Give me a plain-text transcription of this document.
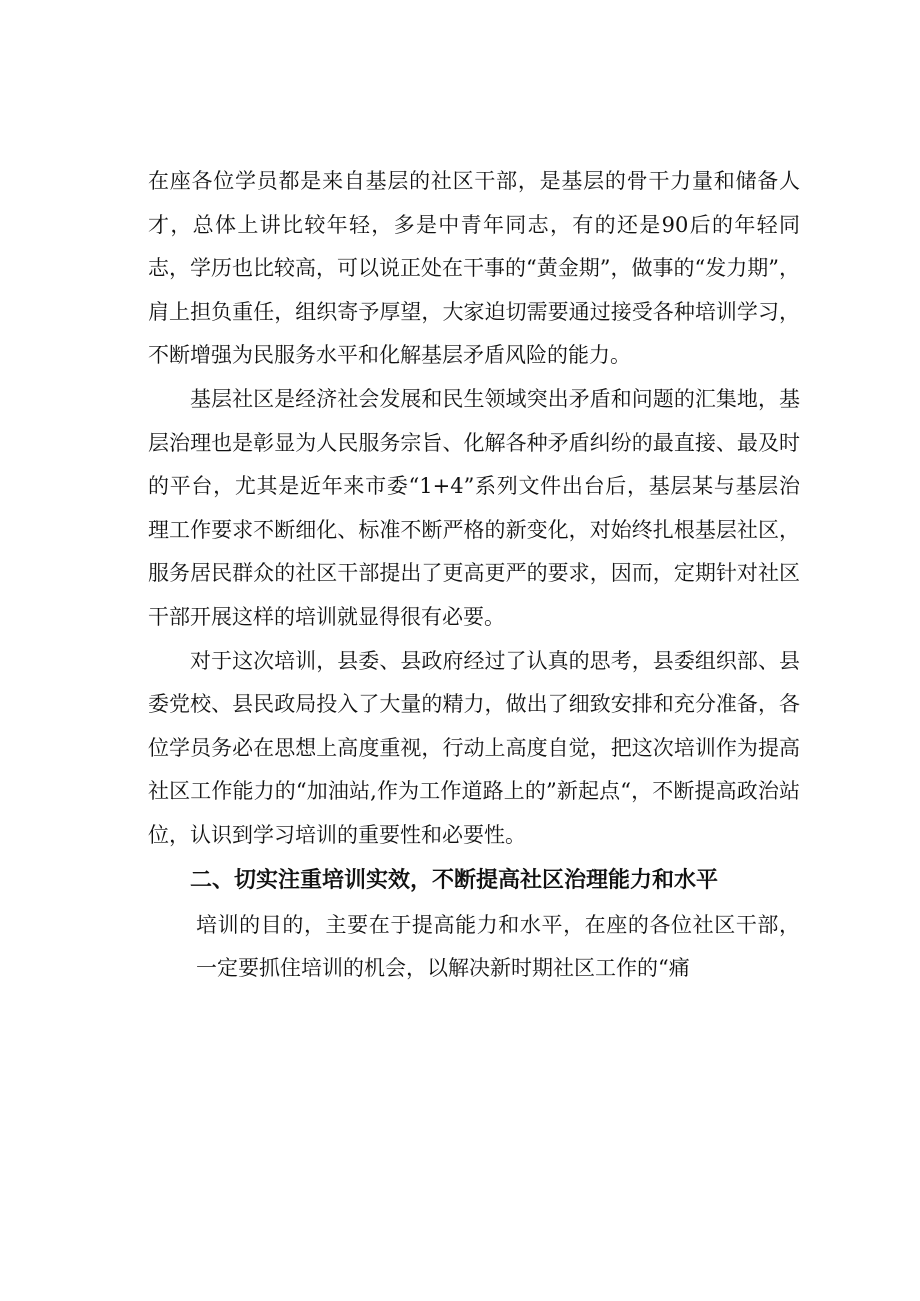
在座各位学员都是来自基层的社区干部，是基层的骨干力量和储备人才，总体上讲比较年轻，多是中青年同志，有的还是90后的年轻同志，学历也比较高，可以说正处在干事的“黄金期”，做事的“发力期”，肩上担负重任，组织寄予厚望，大家迫切需要通过接受各种培训学习，不断增强为民服务水平和化解基层矛盾风险的能力。

基层社区是经济社会发展和民生领域突出矛盾和问题的汇集地，基层治理也是彰显为人民服务宗旨、化解各种矛盾纠纷的最直接、最及时的平台，尤其是近年来市委“1+4”系列文件出台后，基层某与基层治理工作要求不断细化、标准不断严格的新变化，对始终扎根基层社区，服务居民群众的社区干部提出了更高更严的要求，因而，定期针对社区干部开展这样的培训就显得很有必要。

对于这次培训，县委、县政府经过了认真的思考，县委组织部、县委党校、县民政局投入了大量的精力，做出了细致安排和充分准备，各位学员务必在思想上高度重视，行动上高度自觉，把这次培训作为提高社区工作能力的“加油站,作为工作道路上的”新起点“，不断提高政治站位，认识到学习培训的重要性和必要性。

二、切实注重培训实效，不断提高社区治理能力和水平

培训的目的，主要在于提高能力和水平，在座的各位社区干部，一定要抓住培训的机会，以解决新时期社区工作的“痛
